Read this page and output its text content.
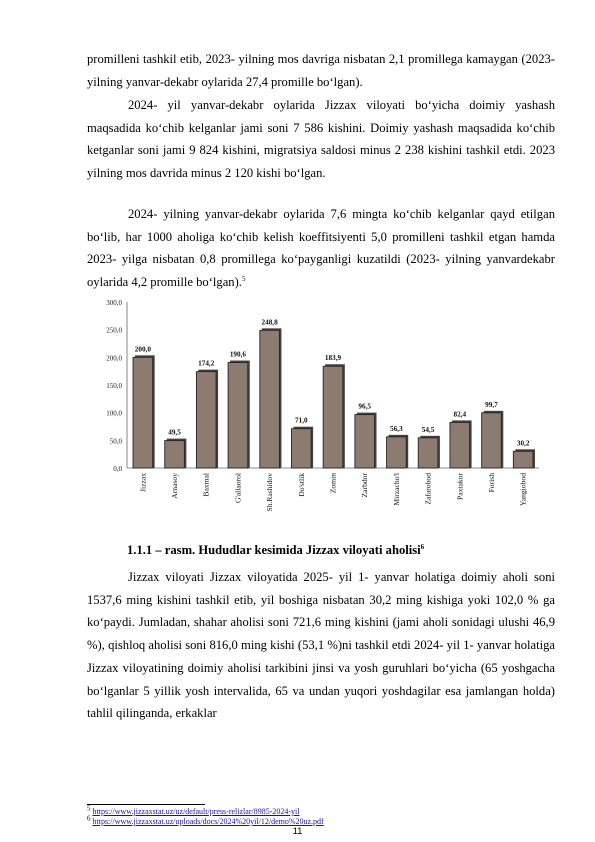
promilleni tashkil etib, 2023- yilning mos davriga nisbatan 2,1 promillega kamaygan (2023- yilning yanvar-dekabr oylarida 27,4 promille bo‘lgan).

2024- yil yanvar-dekabr oylarida Jizzax viloyati bo‘yicha doimiy yashash maqsadida ko‘chib kelganlar jami soni 7 586 kishini. Doimiy yashash maqsadida ko‘chib ketganlar soni jami 9 824 kishini, migratsiya saldosi minus 2 238 kishini tashkil etdi. 2023 yilning mos davrida minus 2 120 kishi bo‘lgan.

2024- yilning yanvar-dekabr oylarida 7,6 mingta ko‘chib kelganlar qayd etilgan bo‘lib, har 1000 aholiga ko‘chib kelish koeffitsiyenti 5,0 promilleni tashkil etgan hamda 2023- yilga nisbatan 0,8 promillega ko‘payganligi kuzatildi (2023- yilning yanvardekabr oylarida 4,2 promille bo‘lgan).$^5$

0,0
50,0
100,0
150,0
200,0
250,0
300,0
200,0
Jizzax
49,5
Arnasoy
174,2
Baxmal
190,6
G'allaorol
248,8
Sh.Rashidov
71,0
Do'stlik
183,9
Zomin
96,5
Zarbdor
56,3
Mirzacho'l
54,5
Zafarobod
82,4
Paxtakor
99,7
Forish
30,2
Yangiobod
1.1.1 – rasm. Hududlar kesimida Jizzax viloyati aholisi$^6$

Jizzax viloyati Jizzax viloyatida 2025- yil 1- yanvar holatiga doimiy aholi soni 1537,6 ming kishini tashkil etib, yil boshiga nisbatan 30,2 ming kishiga yoki 102,0 % ga ko‘paydi. Jumladan, shahar aholisi soni 721,6 ming kishini (jami aholi sonidagi ulushi 46,9 %), qishloq aholisi soni 816,0 ming kishi (53,1 %)ni tashkil etdi 2024- yil 1- yanvar holatiga Jizzax viloyatining doimiy aholisi tarkibini jinsi va yosh guruhlari bo‘yicha (65 yoshgacha bo‘lganlar 5 yillik yosh intervalida, 65 va undan yuqori yoshdagilar esa jamlangan holda) tahlil qilinganda, erkaklar

5 https://www.jizzaxstat.uz/uz/default/press-relizlar/8985-2024-yil
6 https://www.jizzaxstat.uz/uploads/docs/2024%20yil/12/demo%20uz.pdf
11
